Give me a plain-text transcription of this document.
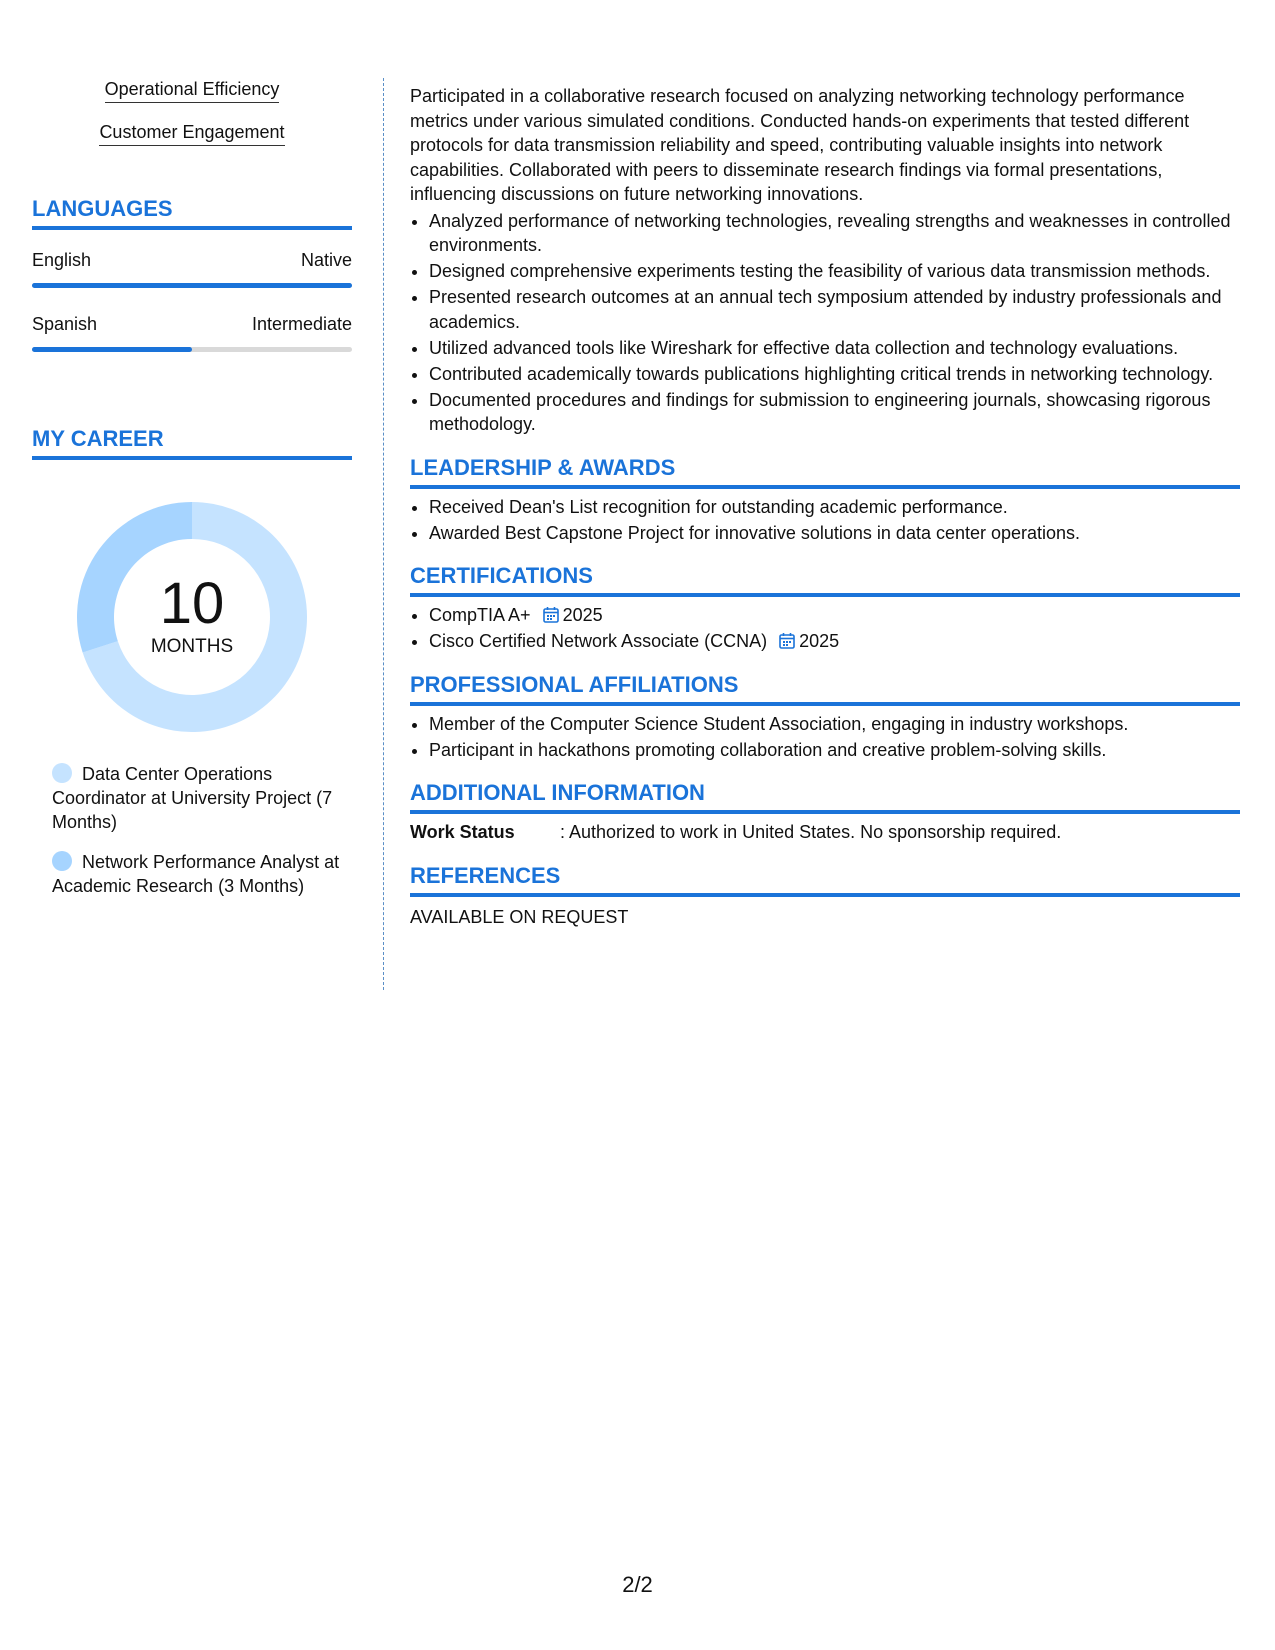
Operational Efficiency
Customer Engagement
LANGUAGES
English	Native
Spanish	Intermediate
MY CAREER
10
MONTHS
Data Center Operations Coordinator at University Project (7 Months)
Network Performance Analyst at Academic Research (3 Months)

Participated in a collaborative research focused on analyzing networking technology performance metrics under various simulated conditions. Conducted hands-on experiments that tested different protocols for data transmission reliability and speed, contributing valuable insights into network capabilities. Collaborated with peers to disseminate research findings via formal presentations, influencing discussions on future networking innovations.

• Analyzed performance of networking technologies, revealing strengths and weaknesses in controlled environments.
• Designed comprehensive experiments testing the feasibility of various data transmission methods.
• Presented research outcomes at an annual tech symposium attended by industry professionals and academics.
• Utilized advanced tools like Wireshark for effective data collection and technology evaluations.
• Contributed academically towards publications highlighting critical trends in networking technology.
• Documented procedures and findings for submission to engineering journals, showcasing rigorous methodology.
LEADERSHIP & AWARDS
• Received Dean's List recognition for outstanding academic performance.
• Awarded Best Capstone Project for innovative solutions in data center operations.
CERTIFICATIONS
• CompTIA A+ 2025
• Cisco Certified Network Associate (CCNA) 2025
PROFESSIONAL AFFILIATIONS
• Member of the Computer Science Student Association, engaging in industry workshops.
• Participant in hackathons promoting collaboration and creative problem-solving skills.
ADDITIONAL INFORMATION
Work Status	: Authorized to work in United States. No sponsorship required.
REFERENCES
AVAILABLE ON REQUEST
2/2
